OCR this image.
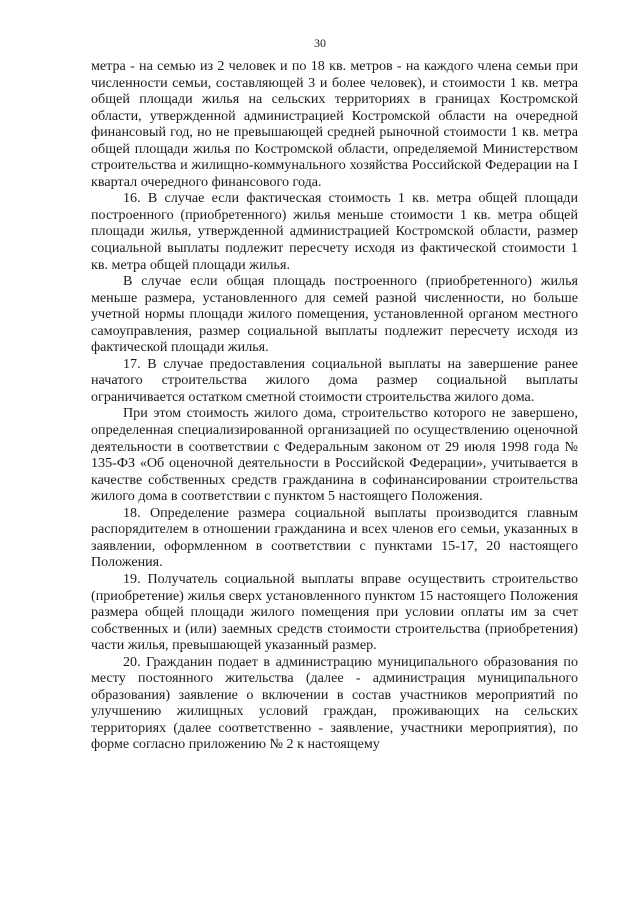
30

метра - на семью из 2 человек и по 18 кв. метров - на каждого члена семьи при численности семьи, составляющей 3 и более человек), и стоимости 1 кв. метра общей площади жилья на сельских территориях в границах Костромской области, утвержденной администрацией Костромской области на очередной финансовый год, но не превышающей средней рыночной стоимости 1 кв. метра общей площади жилья по Костромской области, определяемой Министерством строительства и жилищно-коммунального хозяйства Российской Федерации на I квартал очередного финансового года.

16. В случае если фактическая стоимость 1 кв. метра общей площади построенного (приобретенного) жилья меньше стоимости 1 кв. метра общей площади жилья, утвержденной администрацией Костромской области, размер социальной выплаты подлежит пересчету исходя из фактической стоимости 1 кв. метра общей площади жилья.

В случае если общая площадь построенного (приобретенного) жилья меньше размера, установленного для семей разной численности, но больше учетной нормы площади жилого помещения, установленной органом местного самоуправления, размер социальной выплаты подлежит пересчету исходя из фактической площади жилья.

17. В случае предоставления социальной выплаты на завершение ранее начатого строительства жилого дома размер социальной выплаты ограничивается остатком сметной стоимости строительства жилого дома.

При этом стоимость жилого дома, строительство которого не завершено, определенная специализированной организацией по осуществлению оценочной деятельности в соответствии с Федеральным законом от 29 июля 1998 года № 135-ФЗ «Об оценочной деятельности в Российской Федерации», учитывается в качестве собственных средств гражданина в софинансировании строительства жилого дома в соответствии с пунктом 5 настоящего Положения.

18. Определение размера социальной выплаты производится главным распорядителем в отношении гражданина и всех членов его семьи, указанных в заявлении, оформленном в соответствии с пунктами 15-17, 20 настоящего Положения.

19. Получатель социальной выплаты вправе осуществить строительство (приобретение) жилья сверх установленного пунктом 15 настоящего Положения размера общей площади жилого помещения при условии оплаты им за счет собственных и (или) заемных средств стоимости строительства (приобретения) части жилья, превышающей указанный размер.

20. Гражданин подает в администрацию муниципального образования по месту постоянного жительства (далее - администрация муниципального образования) заявление о включении в состав участников мероприятий по улучшению жилищных условий граждан, проживающих на сельских территориях (далее соответственно - заявление, участники мероприятия), по форме согласно приложению № 2 к настоящему
